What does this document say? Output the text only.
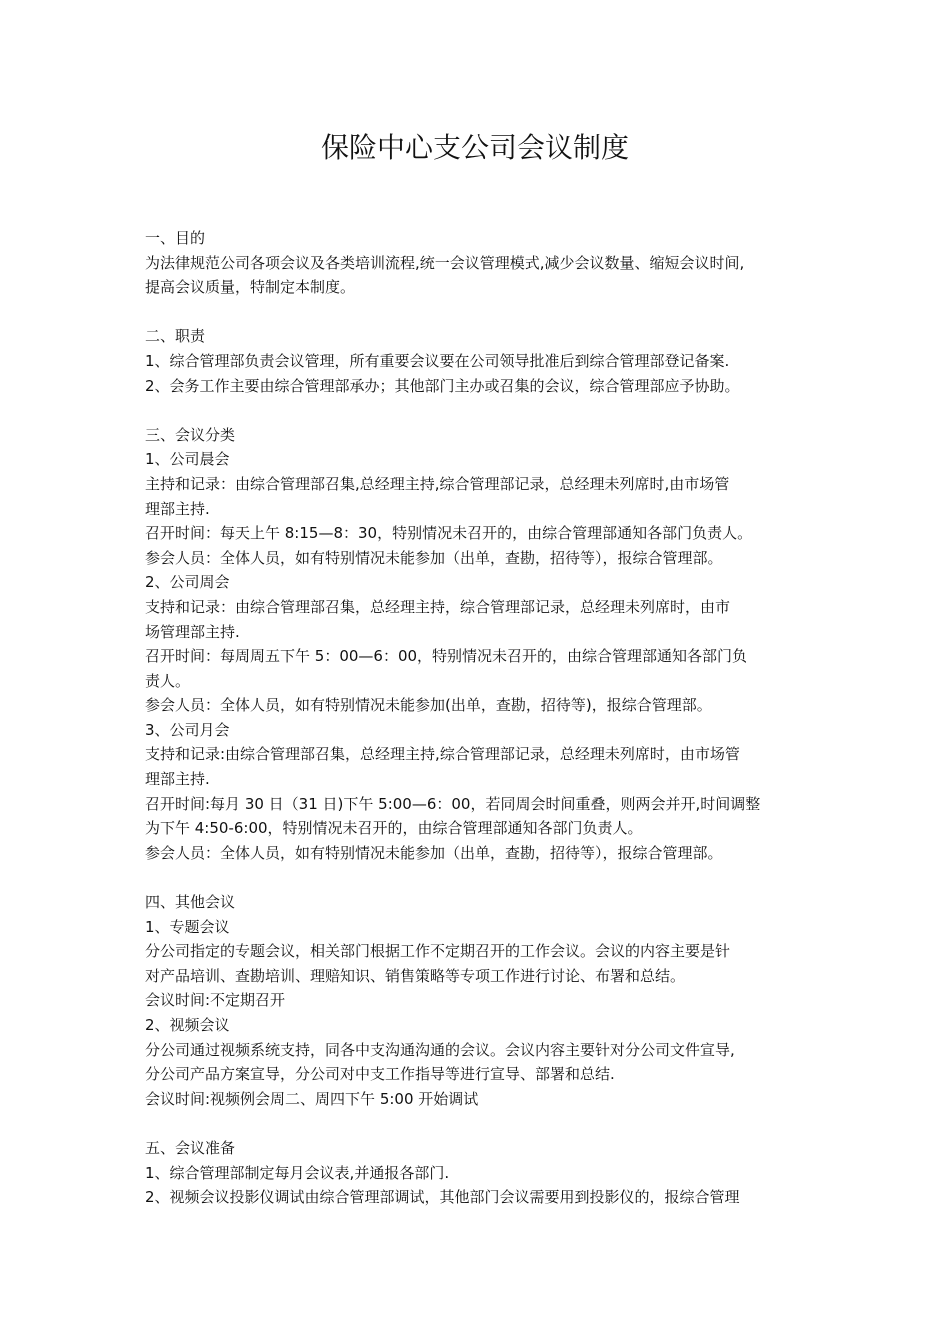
保险中心支公司会议制度
一、目的
为法律规范公司各项会议及各类培训流程,统一会议管理模式,减少会议数量、缩短会议时间,
提高会议质量，特制定本制度。
二、职责
1、综合管理部负责会议管理，所有重要会议要在公司领导批准后到综合管理部登记备案.
2、会务工作主要由综合管理部承办；其他部门主办或召集的会议，综合管理部应予协助。
三、会议分类
1、公司晨会
主持和记录：由综合管理部召集,总经理主持,综合管理部记录，总经理未列席时,由市场管
理部主持.
召开时间：每天上午 8:15—8：30，特别情况未召开的，由综合管理部通知各部门负责人。
参会人员：全体人员，如有特别情况未能参加（出单，查勘，招待等），报综合管理部。
2、公司周会
支持和记录：由综合管理部召集，总经理主持，综合管理部记录，总经理未列席时，由市
场管理部主持.
召开时间：每周周五下午 5：00—6：00，特别情况未召开的，由综合管理部通知各部门负
责人。
参会人员：全体人员，如有特别情况未能参加(出单，查勘，招待等)，报综合管理部。
3、公司月会
支持和记录:由综合管理部召集，总经理主持,综合管理部记录，总经理未列席时，由市场管
理部主持.
召开时间:每月 30 日（31 日)下午 5:00—6：00，若同周会时间重叠，则两会并开,时间调整
为下午 4:50-6:00，特别情况未召开的，由综合管理部通知各部门负责人。
参会人员：全体人员，如有特别情况未能参加（出单，查勘，招待等），报综合管理部。
四、其他会议
1、专题会议
分公司指定的专题会议，相关部门根据工作不定期召开的工作会议。会议的内容主要是针
对产品培训、查勘培训、理赔知识、销售策略等专项工作进行讨论、布署和总结。
会议时间:不定期召开
2、视频会议
分公司通过视频系统支持，同各中支沟通沟通的会议。会议内容主要针对分公司文件宣导,
分公司产品方案宣导，分公司对中支工作指导等进行宣导、部署和总结.
会议时间:视频例会周二、周四下午 5:00 开始调试
五、会议准备
1、综合管理部制定每月会议表,并通报各部门.
2、视频会议投影仪调试由综合管理部调试，其他部门会议需要用到投影仪的，报综合管理
